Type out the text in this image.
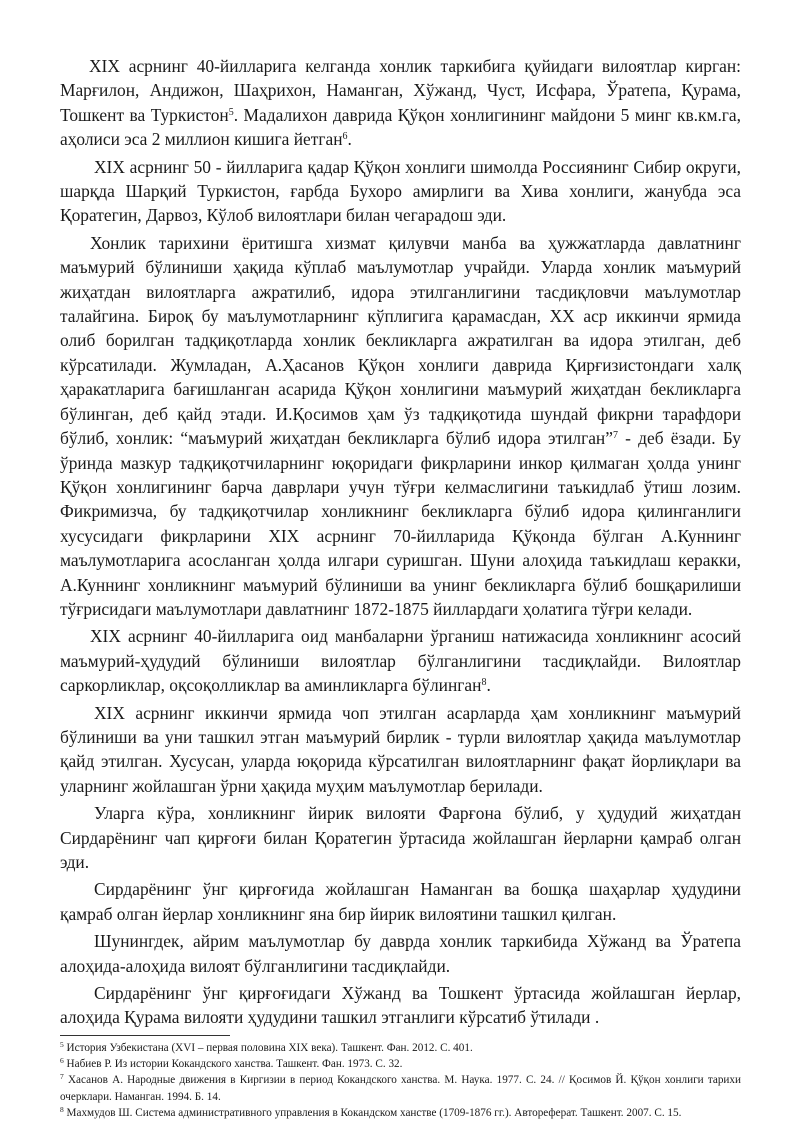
XIX асрнинг 40-йилларига келганда хонлик таркибига қуйидаги вилоятлар кирган: Марғилон, Андижон, Шаҳрихон, Наманган, Хўжанд, Чуст, Исфара, Ўратепа, Қурама, Тошкент ва Туркистон$^5$. Мадалихон даврида Қўқон хонлигининг майдони 5 минг кв.км.га, аҳолиси эса 2 миллион кишига йетган$^6$.

XIX асрнинг 50 - йилларига қадар Қўқон хонлиги шимолда Россиянинг Сибир округи, шарқда Шарқий Туркистон, ғарбда Бухоро амирлиги ва Хива хонлиги, жанубда эса Қоратегин, Дарвоз, Кўлоб вилоятлари билан чегарадош эди.

Хонлик тарихини ёритишга хизмат қилувчи манба ва ҳужжатларда давлатнинг маъмурий бўлиниши ҳақида кўплаб маълумотлар учрайди. Уларда хонлик маъмурий жиҳатдан вилоятларга ажратилиб, идора этилганлигини тасдиқловчи маълумотлар талайгина. Бироқ бу маълумотларнинг кўплигига қарамасдан, XX аср иккинчи ярмида олиб борилган тадқиқотларда хонлик бекликларга ажратилган ва идора этилган, деб кўрсатилади. Жумладан, А.Ҳасанов Қўқон хонлиги даврида Қирғизистондаги халқ ҳаракатларига бағишланган асарида Қўқон хонлигини маъмурий жиҳатдан бекликларга бўлинган, деб қайд этади. И.Қосимов ҳам ўз тадқиқотида шундай фикрни тарафдори бўлиб, хонлик: “маъмурий жиҳатдан бекликларга бўлиб идора этилган”$^7$ - деб ёзади. Бу ўринда мазкур тадқиқотчиларнинг юқоридаги фикрларини инкор қилмаган ҳолда унинг Қўқон хонлигининг барча даврлари учун тўғри келмаслигини таъкидлаб ўтиш лозим. Фикримизча, бу тадқиқотчилар хонликнинг бекликларга бўлиб идора қилинганлиги хусусидаги фикрларини XIX асрнинг 70-йилларида Қўқонда бўлган А.Куннинг маълумотларига асосланган ҳолда илгари суришган. Шуни алоҳида таъкидлаш керакки, А.Куннинг хонликнинг маъмурий бўлиниши ва унинг бекликларга бўлиб бошқарилиши тўғрисидаги маълумотлари давлатнинг 1872-1875 йиллардаги ҳолатига тўғри келади.

XIX асрнинг 40-йилларига оид манбаларни ўрганиш натижасида хонликнинг асосий маъмурий-ҳудудий бўлиниши вилоятлар бўлганлигини тасдиқлайди. Вилоятлар саркорликлар, оқсоқолликлар ва аминликларга бўлинган$^8$.

XIX асрнинг иккинчи ярмида чоп этилган асарларда ҳам хонликнинг маъмурий бўлиниши ва уни ташкил этган маъмурий бирлик - турли вилоятлар ҳақида маълумотлар қайд этилган. Хусусан, уларда юқорида кўрсатилган вилоятларнинг фақат йорлиқлари ва уларнинг жойлашган ўрни ҳақида муҳим маълумотлар берилади.

Уларга кўра, хонликнинг йирик вилояти Фарғона бўлиб, у ҳудудий жиҳатдан Сирдарёнинг чап қирғоғи билан Қоратегин ўртасида жойлашган йерларни қамраб олган эди.

Сирдарёнинг ўнг қирғоғида жойлашган Наманган ва бошқа шаҳарлар ҳудудини қамраб олган йерлар хонликнинг яна бир йирик вилоятини ташкил қилган.

Шунингдек, айрим маълумотлар бу даврда хонлик таркибида Хўжанд ва Ўратепа алоҳида-алоҳида вилоят бўлганлигини тасдиқлайди.

Сирдарёнинг ўнг қирғоғидаги Хўжанд ва Тошкент ўртасида жойлашган йерлар, алоҳида Қурама вилояти ҳудудини ташкил этганлиги кўрсатиб ўтилади .

$^5$ История Узбекистана (XVI – первая половина XIX века). Ташкент. Фан. 2012. С. 401.

$^6$ Набиев Р. Из истории Кокандского ханства. Ташкент. Фан. 1973. С. 32.

$^7$ Хасанов А. Народные движения в Киргизии в период Кокандского ханства. М. Наука. 1977. С. 24. // Қосимов Й. Қўқон хонлиги тарихи очерклари. Наманган. 1994. Б. 14.

$^8$ Махмудов Ш. Система административного управления в Кокандском ханстве (1709-1876 гг.). Автореферат. Ташкент. 2007. С. 15.
